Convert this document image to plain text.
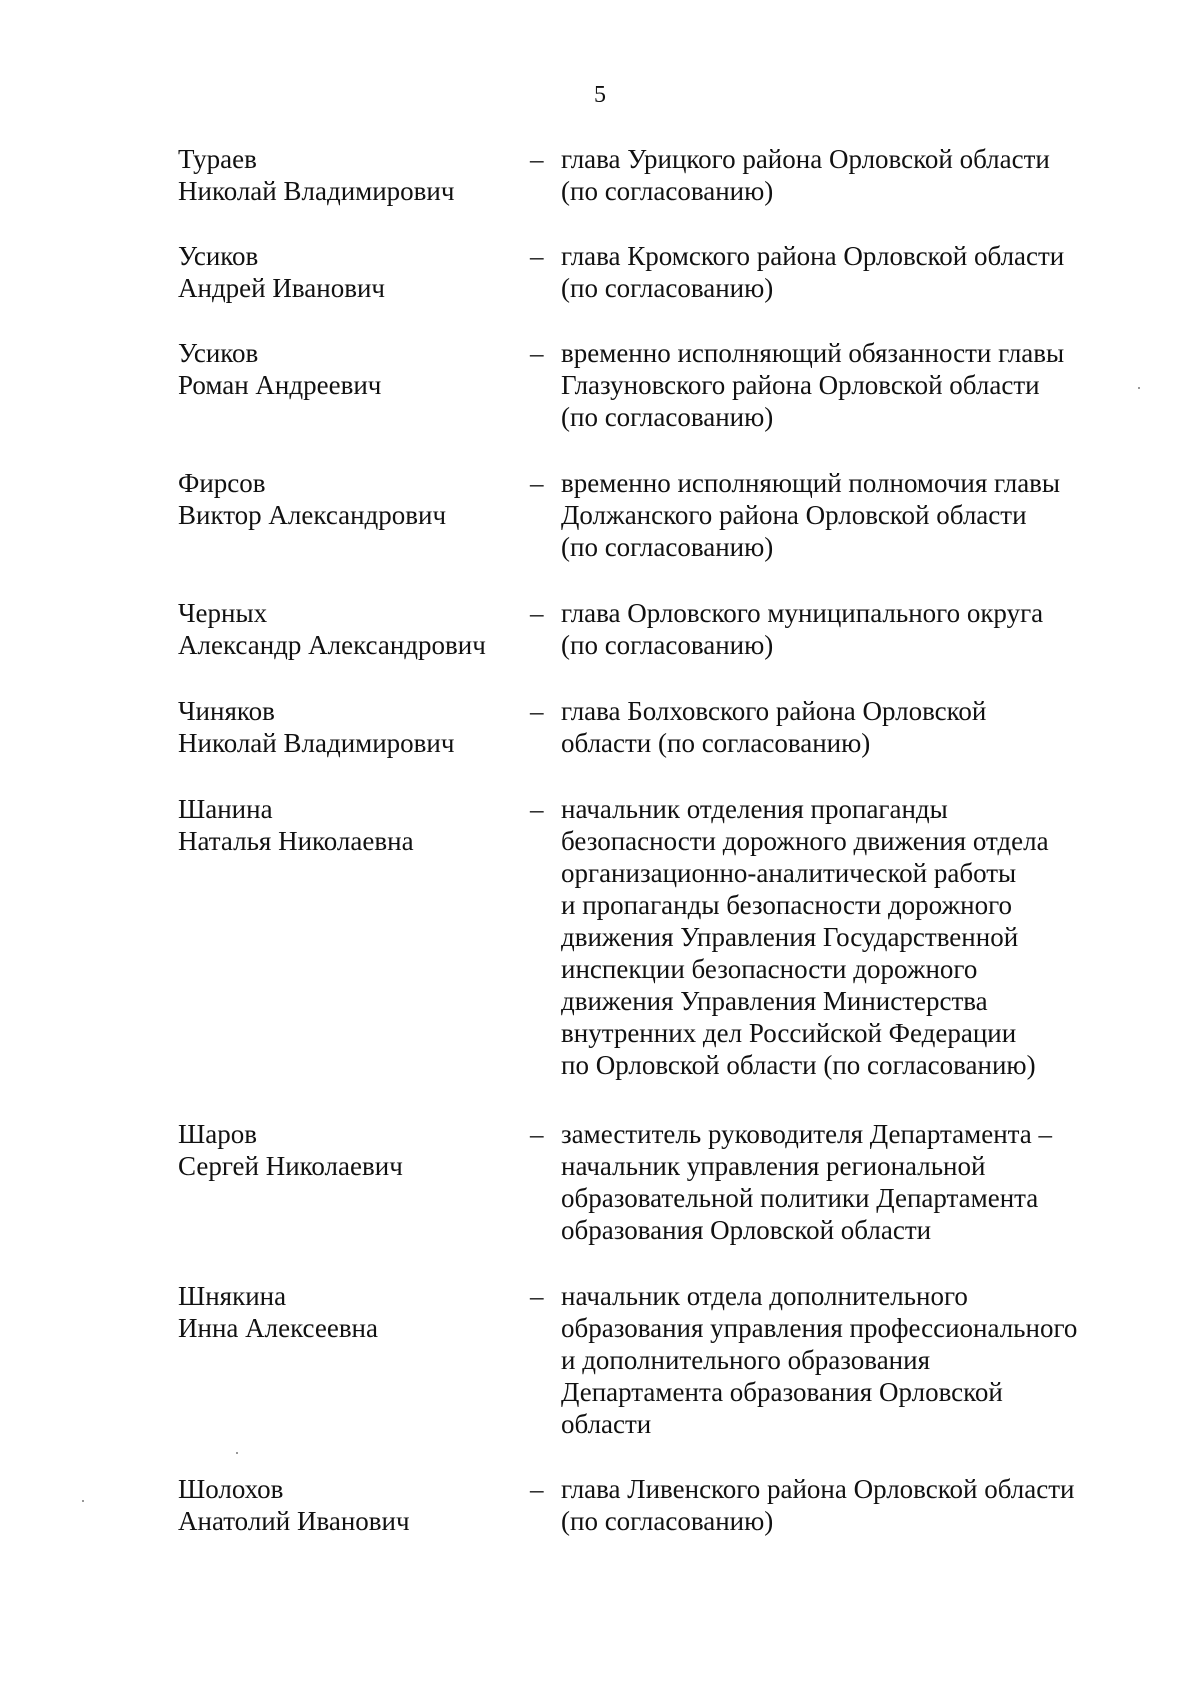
5
Тураев
Николай Владимирович
– глава Урицкого района Орловской области
(по согласованию)
Усиков
Андрей Иванович
– глава Кромского района Орловской области
(по согласованию)
Усиков
Роман Андреевич
– временно исполняющий обязанности главы
Глазуновского района Орловской области
(по согласованию)
Фирсов
Виктор Александрович
– временно исполняющий полномочия главы
Должанского района Орловской области
(по согласованию)
Черных
Александр Александрович
– глава Орловского муниципального округа
(по согласованию)
Чиняков
Николай Владимирович
– глава Болховского района Орловской
области (по согласованию)
Шанина
Наталья Николаевна
– начальник отделения пропаганды
безопасности дорожного движения отдела
организационно-аналитической работы
и пропаганды безопасности дорожного
движения Управления Государственной
инспекции безопасности дорожного
движения Управления Министерства
внутренних дел Российской Федерации
по Орловской области (по согласованию)
Шаров
Сергей Николаевич
– заместитель руководителя Департамента –
начальник управления региональной
образовательной политики Департамента
образования Орловской области
Шнякина
Инна Алексеевна
– начальник отдела дополнительного
образования управления профессионального
и дополнительного образования
Департамента образования Орловской
области
Шолохов
Анатолий Иванович
– глава Ливенского района Орловской области
(по согласованию)
